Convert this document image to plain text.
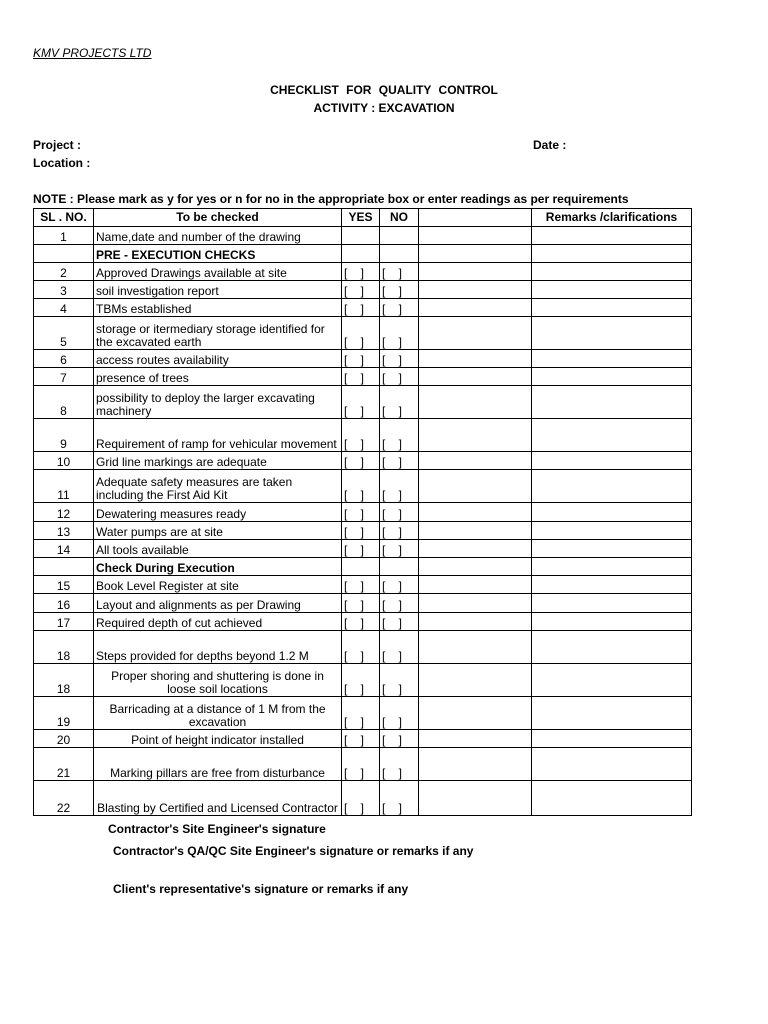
KMV PROJECTS LTD
CHECKLIST FOR QUALITY CONTROL
ACTIVITY : EXCAVATION
Project :	Date :
Location :
NOTE : Please mark as y for yes or n for no in the appropriate box or enter readings as per requirements
SL . NO.	To be checked	YES	NO		Remarks /clarifications
1	Name,date and number of the drawing				
	PRE - EXECUTION CHECKS				
2	Approved Drawings available at site	[    ]	[    ]		
3	soil investigation report	[    ]	[    ]		
4	TBMs established	[    ]	[    ]		
5	storage or itermediary storage identified for the excavated earth	[    ]	[    ]		
6	access routes availability	[    ]	[    ]		
7	presence of trees	[    ]	[    ]		
8	possibility to deploy the larger excavating machinery	[    ]	[    ]		
9	Requirement of ramp for vehicular movement	[    ]	[    ]		
10	Grid line markings are adequate	[    ]	[    ]		
11	Adequate safety measures are taken including the First Aid Kit	[    ]	[    ]		
12	Dewatering measures ready	[    ]	[    ]		
13	Water pumps are at site	[    ]	[    ]		
14	All tools available	[    ]	[    ]		
	Check During Execution				
15	Book Level Register at site	[    ]	[    ]		
16	Layout and alignments as per Drawing	[    ]	[    ]		
17	Required depth of cut achieved	[    ]	[    ]		
18	Steps provided for depths beyond 1.2 M	[    ]	[    ]		
18	Proper shoring and shuttering is done in loose soil locations	[    ]	[    ]		
19	Barricading at a distance of 1 M from the excavation	[    ]	[    ]		
20	Point of height indicator installed	[    ]	[    ]		
21	Marking pillars are free from disturbance	[    ]	[    ]		
22	Blasting by Certified and Licensed Contractor	[    ]	[    ]		
Contractor's Site Engineer's signature
Contractor's QA/QC Site Engineer's signature or remarks if any
Client's representative's signature or remarks if any
